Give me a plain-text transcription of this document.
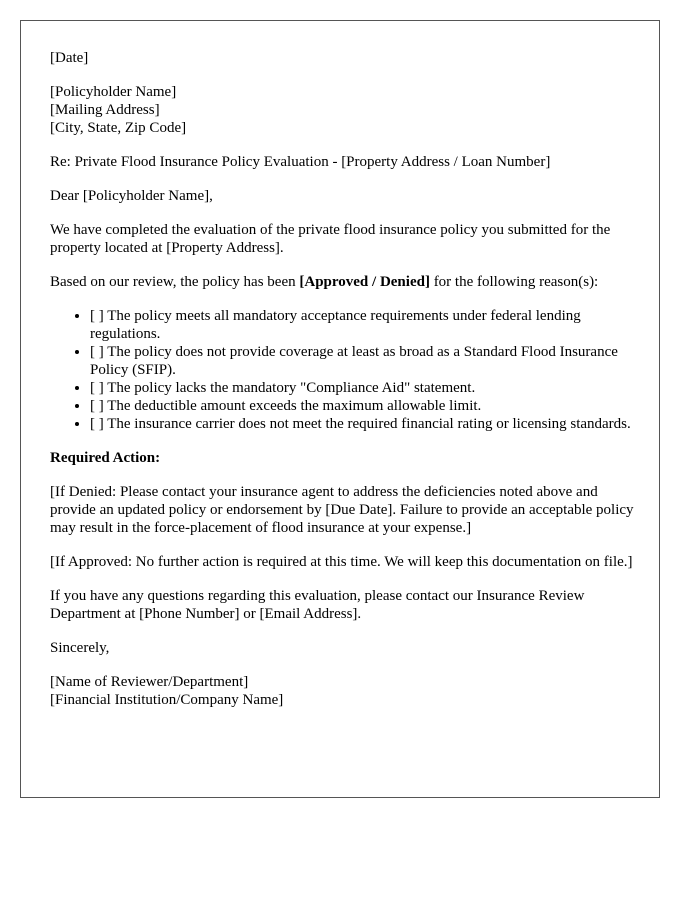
[Date]

[Policyholder Name]
[Mailing Address]
[City, State, Zip Code]

Re: Private Flood Insurance Policy Evaluation - [Property Address / Loan Number]

Dear [Policyholder Name],

We have completed the evaluation of the private flood insurance policy you submitted for the property located at [Property Address].

Based on our review, the policy has been [Approved / Denied] for the following reason(s):

• [ ] The policy meets all mandatory acceptance requirements under federal lending regulations.
• [ ] The policy does not provide coverage at least as broad as a Standard Flood Insurance Policy (SFIP).
• [ ] The policy lacks the mandatory "Compliance Aid" statement.
• [ ] The deductible amount exceeds the maximum allowable limit.
• [ ] The insurance carrier does not meet the required financial rating or licensing standards.

Required Action:

[If Denied: Please contact your insurance agent to address the deficiencies noted above and provide an updated policy or endorsement by [Due Date]. Failure to provide an acceptable policy may result in the force-placement of flood insurance at your expense.]

[If Approved: No further action is required at this time. We will keep this documentation on file.]

If you have any questions regarding this evaluation, please contact our Insurance Review Department at [Phone Number] or [Email Address].

Sincerely,

[Name of Reviewer/Department]
[Financial Institution/Company Name]
